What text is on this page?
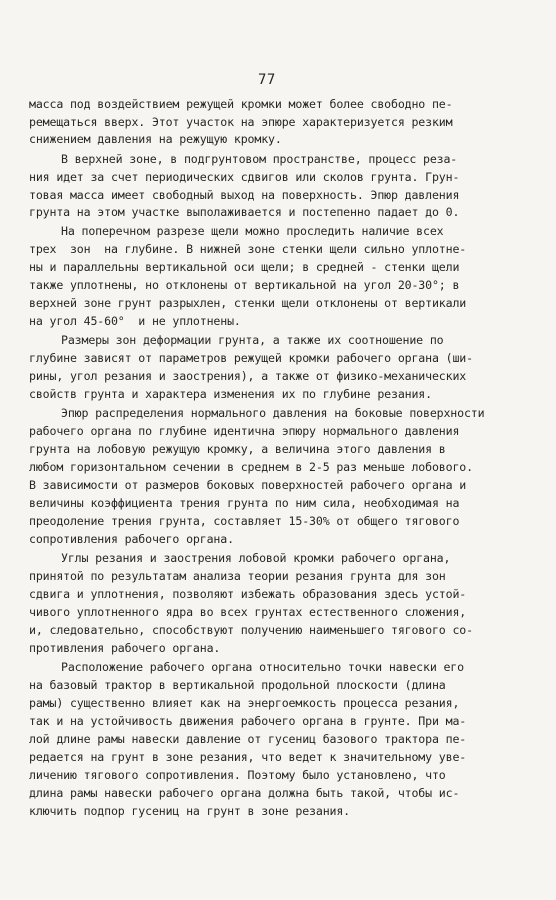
77
масса под воздействием режущей кромки может более свободно пе-
ремещаться вверх. Этот участок на эпюре характеризуется резким
снижением давления на режущую кромку.
В верхней зоне, в подгрунтовом пространстве, процесс реза-
ния идет за счет периодических сдвигов или сколов грунта. Грун-
товая масса имеет свободный выход на поверхность. Эпюр давления
грунта на этом участке выполаживается и постепенно падает до 0.
На поперечном разрезе щели можно проследить наличие всех
трех  зон  на глубине. В нижней зоне стенки щели сильно уплотне-
ны и параллельны вертикальной оси щели; в средней - стенки щели
также уплотнены, но отклонены от вертикальной на угол 20-30°; в
верхней зоне грунт разрыхлен, стенки щели отклонены от вертикали
на угол 45-60°  и не уплотнены.
Размеры зон деформации грунта, а также их соотношение по
глубине зависят от параметров режущей кромки рабочего органа (ши-
рины, угол резания и заострения), а также от физико-механических
свойств грунта и характера изменения их по глубине резания.
Эпюр распределения нормального давления на боковые поверхности
рабочего органа по глубине идентична эпюру нормального давления
грунта на лобовую режущую кромку, а величина этого давления в
любом горизонтальном сечении в среднем в 2-5 раз меньше лобового.
В зависимости от размеров боковых поверхностей рабочего органа и
величины коэффициента трения грунта по ним сила, необходимая на
преодоление трения грунта, составляет 15-30% от общего тягового
сопротивления рабочего органа.
Углы резания и заострения лобовой кромки рабочего органа,
принятой по результатам анализа теории резания грунта для зон
сдвига и уплотнения, позволяют избежать образования здесь устой-
чивого уплотненного ядра во всех грунтах естественного сложения,
и, следовательно, способствуют получению наименьшего тягового со-
противления рабочего органа.
Расположение рабочего органа относительно точки навески его
на базовый трактор в вертикальной продольной плоскости (длина
рамы) существенно влияет как на энергоемкость процесса резания,
так и на устойчивость движения рабочего органа в грунте. При ма-
лой длине рамы навески давление от гусениц базового трактора пе-
редается на грунт в зоне резания, что ведет к значительному уве-
личению тягового сопротивления. Поэтому было установлено, что
длина рамы навески рабочего органа должна быть такой, чтобы ис-
ключить подпор гусениц на грунт в зоне резания.
